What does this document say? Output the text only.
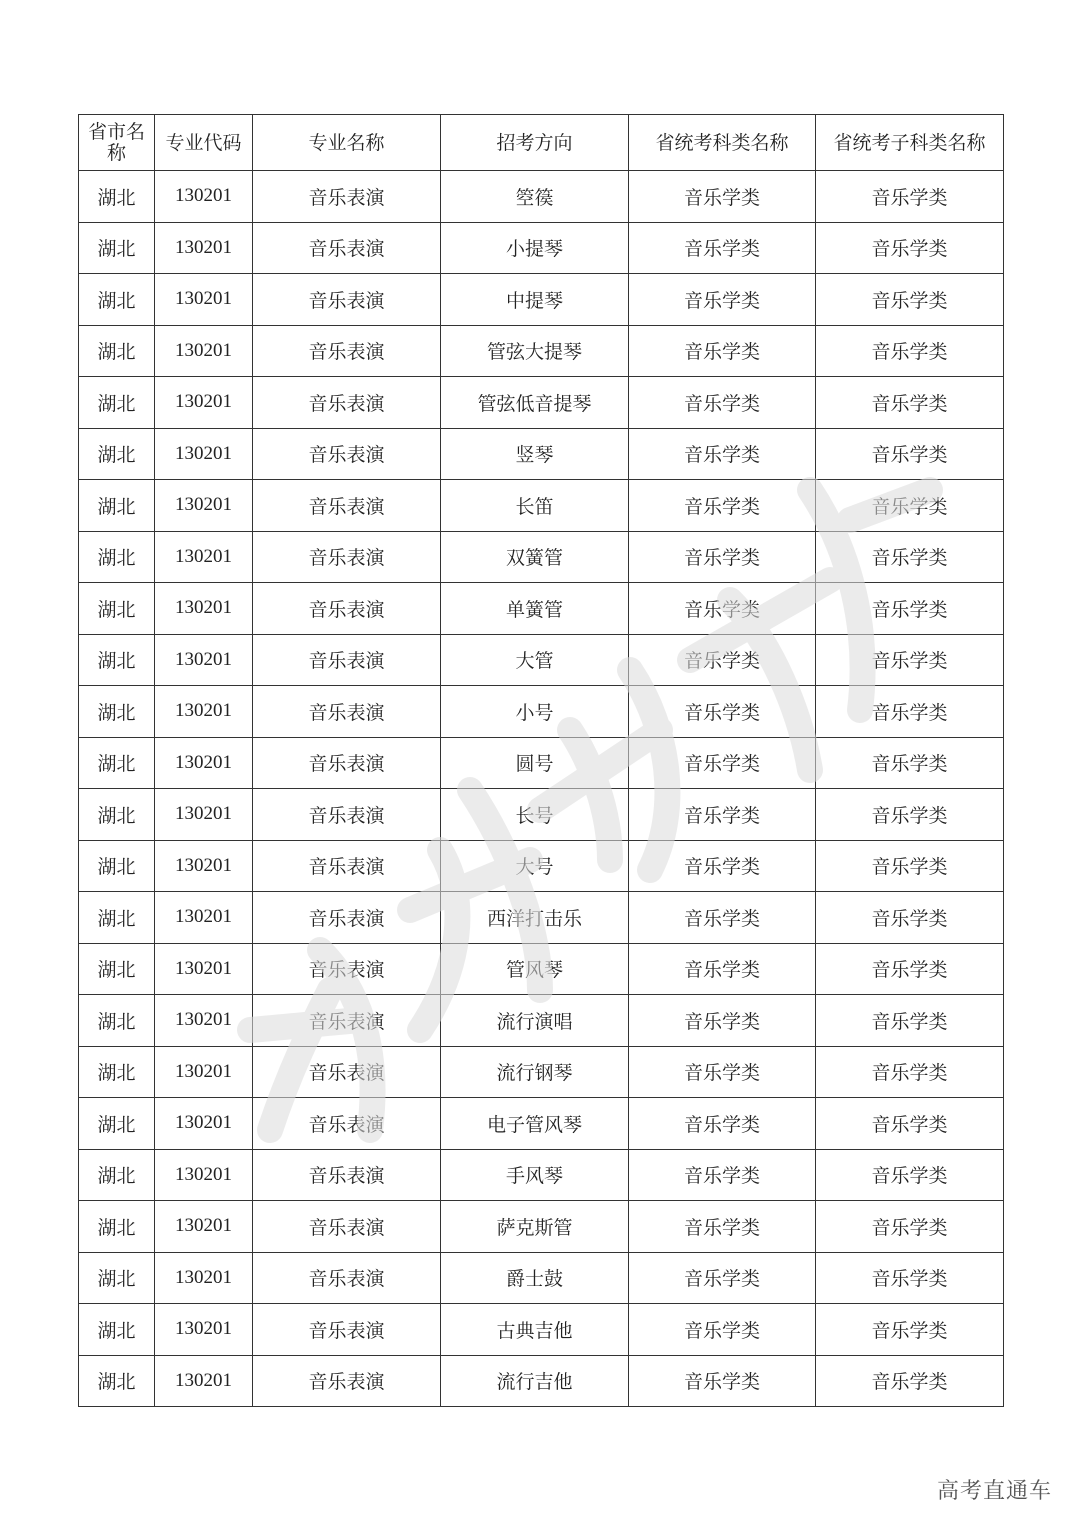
省市名称	专业代码	专业名称	招考方向	省统考科类名称	省统考子科类名称
湖北	130201	音乐表演	箜篌	音乐学类	音乐学类
湖北	130201	音乐表演	小提琴	音乐学类	音乐学类
湖北	130201	音乐表演	中提琴	音乐学类	音乐学类
湖北	130201	音乐表演	管弦大提琴	音乐学类	音乐学类
湖北	130201	音乐表演	管弦低音提琴	音乐学类	音乐学类
湖北	130201	音乐表演	竖琴	音乐学类	音乐学类
湖北	130201	音乐表演	长笛	音乐学类	音乐学类
湖北	130201	音乐表演	双簧管	音乐学类	音乐学类
湖北	130201	音乐表演	单簧管	音乐学类	音乐学类
湖北	130201	音乐表演	大管	音乐学类	音乐学类
湖北	130201	音乐表演	小号	音乐学类	音乐学类
湖北	130201	音乐表演	圆号	音乐学类	音乐学类
湖北	130201	音乐表演	长号	音乐学类	音乐学类
湖北	130201	音乐表演	大号	音乐学类	音乐学类
湖北	130201	音乐表演	西洋打击乐	音乐学类	音乐学类
湖北	130201	音乐表演	管风琴	音乐学类	音乐学类
湖北	130201	音乐表演	流行演唱	音乐学类	音乐学类
湖北	130201	音乐表演	流行钢琴	音乐学类	音乐学类
湖北	130201	音乐表演	电子管风琴	音乐学类	音乐学类
湖北	130201	音乐表演	手风琴	音乐学类	音乐学类
湖北	130201	音乐表演	萨克斯管	音乐学类	音乐学类
湖北	130201	音乐表演	爵士鼓	音乐学类	音乐学类
湖北	130201	音乐表演	古典吉他	音乐学类	音乐学类
湖北	130201	音乐表演	流行吉他	音乐学类	音乐学类
高考直通车
